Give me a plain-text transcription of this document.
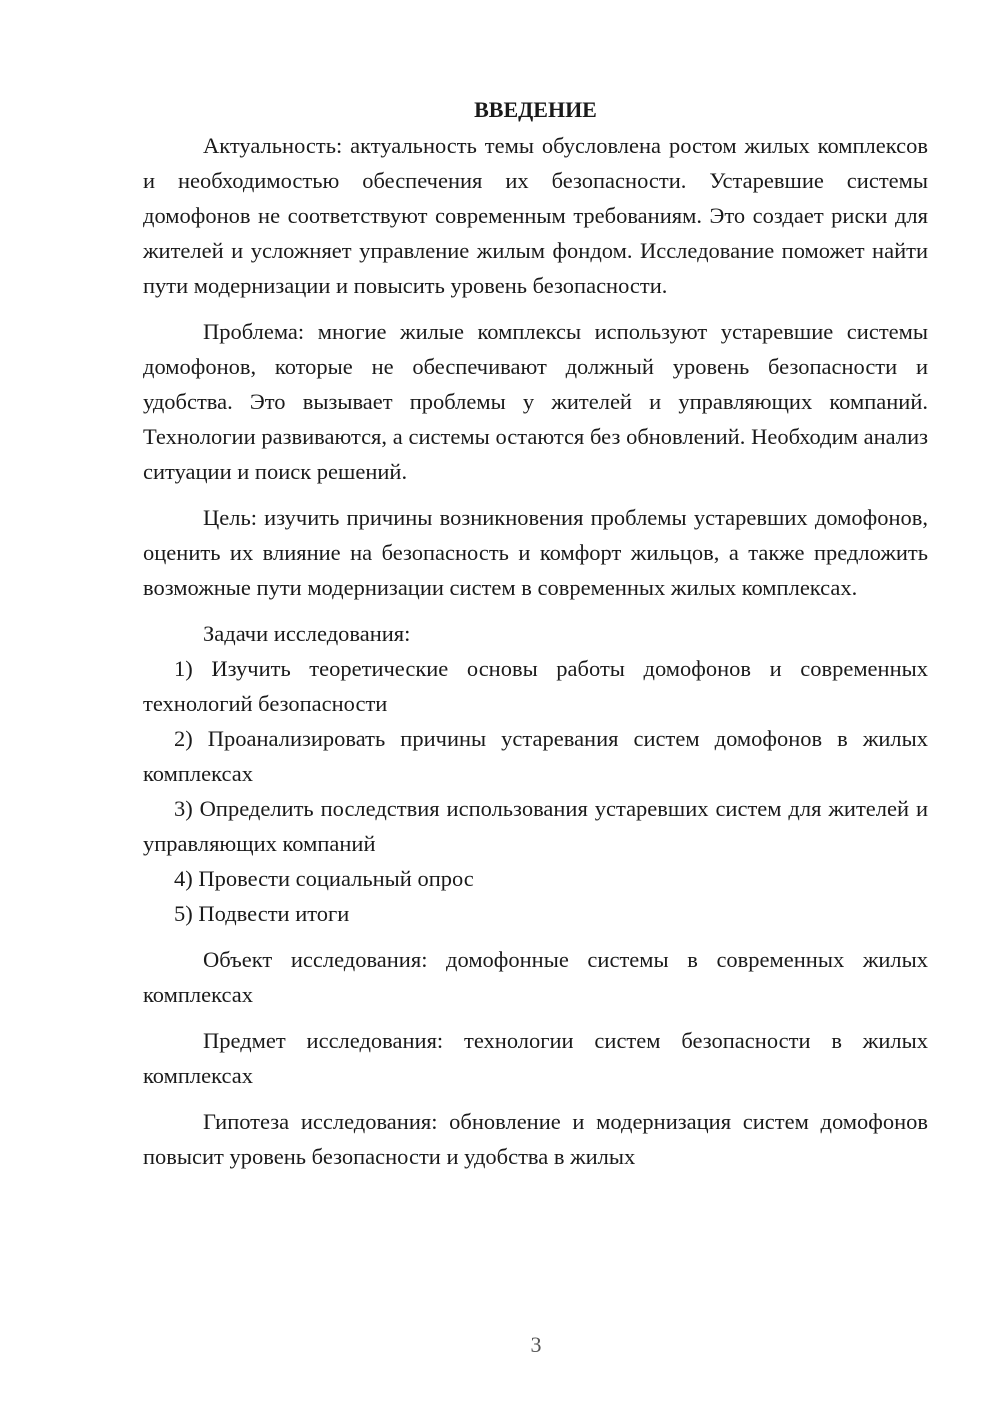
ВВЕДЕНИЕ

Актуальность: актуальность темы обусловлена ростом жилых комплексов и необходимостью обеспечения их безопасности. Устаревшие системы домофонов не соответствуют современным требованиям. Это создает риски для жителей и усложняет управление жилым фондом. Исследование поможет найти пути модернизации и повысить уровень безопасности.

Проблема: многие жилые комплексы используют устаревшие системы домофонов, которые не обеспечивают должный уровень безопасности и удобства. Это вызывает проблемы у жителей и управляющих компаний. Технологии развиваются, а системы остаются без обновлений. Необходим анализ ситуации и поиск решений.

Цель: изучить причины возникновения проблемы устаревших домофонов, оценить их влияние на безопасность и комфорт жильцов, а также предложить возможные пути модернизации систем в современных жилых комплексах.

Задачи исследования:

1) Изучить теоретические основы работы домофонов и современных технологий безопасности

2) Проанализировать причины устаревания систем домофонов в жилых комплексах

3) Определить последствия использования устаревших систем для жителей и управляющих компаний

4) Провести социальный опрос

5) Подвести итоги

Объект исследования: домофонные системы в современных жилых комплексах

Предмет исследования: технологии систем безопасности в жилых комплексах

Гипотеза исследования: обновление и модернизация систем домофонов повысит уровень безопасности и удобства в жилых

3
